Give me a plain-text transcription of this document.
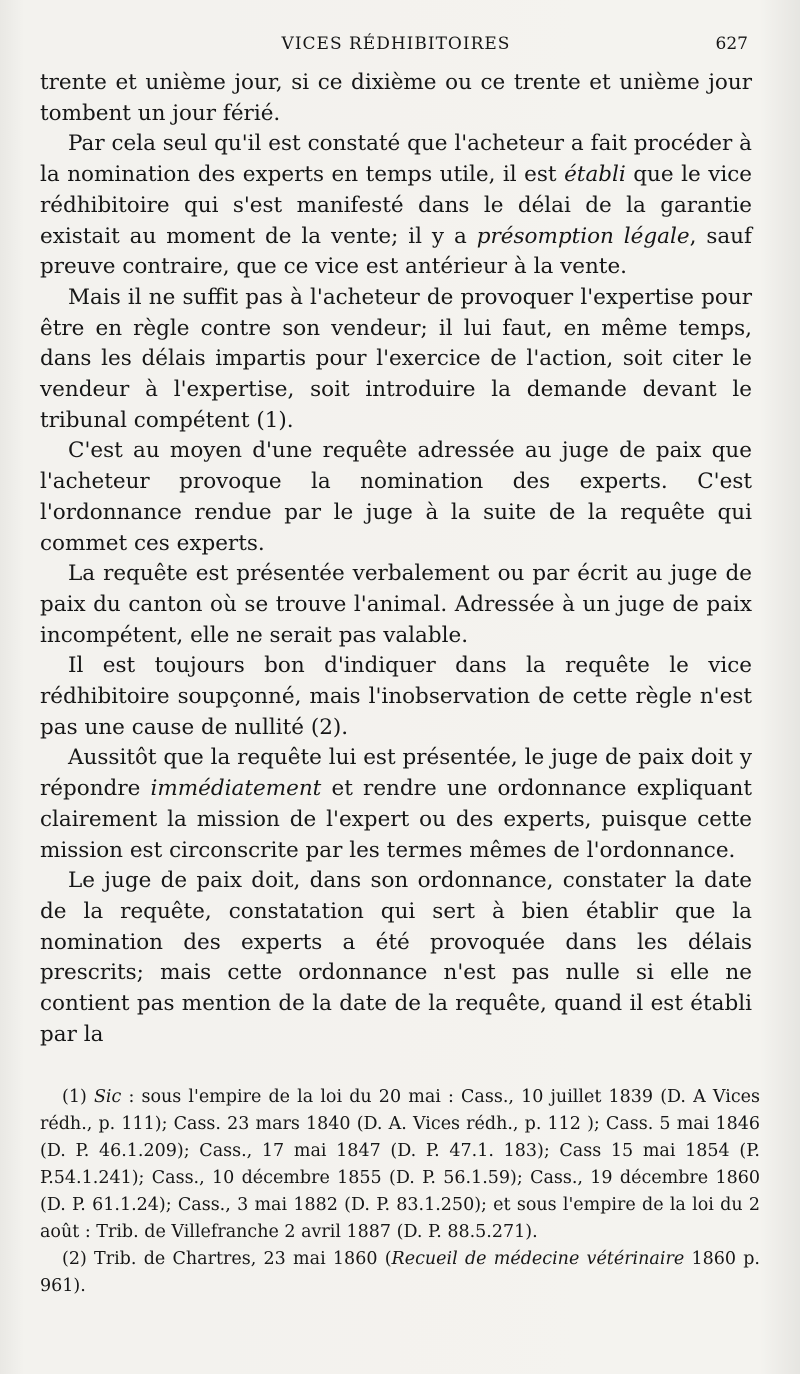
VICES RÉDHIBITOIRES	627

trente et unième jour, si ce dixième ou ce trente et unième jour tombent un jour férié.

Par cela seul qu'il est constaté que l'acheteur a fait procéder à la nomination des experts en temps utile, il est établi que le vice rédhibitoire qui s'est manifesté dans le délai de la garantie existait au moment de la vente; il y a présomption légale, sauf preuve contraire, que ce vice est antérieur à la vente.

Mais il ne suffit pas à l'acheteur de provoquer l'expertise pour être en règle contre son vendeur; il lui faut, en même temps, dans les délais impartis pour l'exercice de l'action, soit citer le vendeur à l'expertise, soit introduire la demande devant le tribunal compétent (1).

C'est au moyen d'une requête adressée au juge de paix que l'acheteur provoque la nomination des experts. C'est l'ordonnance rendue par le juge à la suite de la requête qui commet ces experts.

La requête est présentée verbalement ou par écrit au juge de paix du canton où se trouve l'animal. Adressée à un juge de paix incompétent, elle ne serait pas valable.

Il est toujours bon d'indiquer dans la requête le vice rédhibitoire soupçonné, mais l'inobservation de cette règle n'est pas une cause de nullité (2).

Aussitôt que la requête lui est présentée, le juge de paix doit y répondre immédiatement et rendre une ordonnance expliquant clairement la mission de l'expert ou des experts, puisque cette mission est circonscrite par les termes mêmes de l'ordonnance.

Le juge de paix doit, dans son ordonnance, constater la date de la requête, constatation qui sert à bien établir que la nomination des experts a été provoquée dans les délais prescrits; mais cette ordonnance n'est pas nulle si elle ne contient pas mention de la date de la requête, quand il est établi par la

(1) Sic : sous l'empire de la loi du 20 mai : Cass., 10 juillet 1839 (D. A Vices rédh., p. 111); Cass. 23 mars 1840 (D. A. Vices rédh., p. 112 ); Cass. 5 mai 1846 (D. P. 46.1.209); Cass., 17 mai 1847 (D. P. 47.1. 183); Cass 15 mai 1854 (P. P.54.1.241); Cass., 10 décembre 1855 (D. P. 56.1.59); Cass., 19 décembre 1860 (D. P. 61.1.24); Cass., 3 mai 1882 (D. P. 83.1.250); et sous l'empire de la loi du 2 août : Trib. de Villefranche 2 avril 1887 (D. P. 88.5.271).

(2) Trib. de Chartres, 23 mai 1860 (Recueil de médecine vétérinaire 1860 p. 961).
